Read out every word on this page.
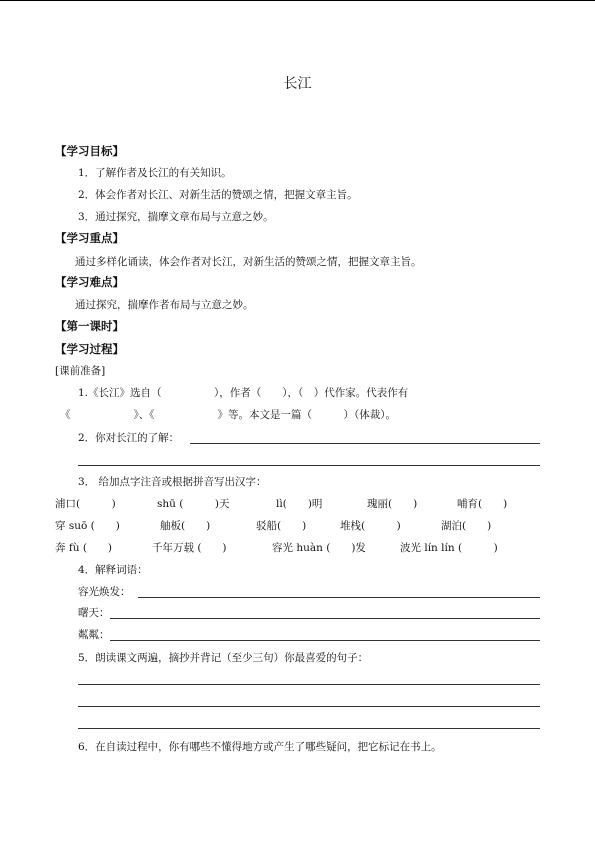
长江
【学习目标】
1．了解作者及长江的有关知识。
2．体会作者对长江、对新生活的赞颂之情，把握文章主旨。
3．通过探究，揣摩文章布局与立意之妙。
【学习重点】
通过多样化诵读，体会作者对长江，对新生活的赞颂之情，把握文章主旨。
【学习难点】
通过探究，揣摩作者布局与立意之妙。
【第一课时】
【学习过程】
[课前准备]
1.《长江》选自（　　　　　），作者（　　），（　）代作家。代表作有
《　　　　　　》、《　　　　　　》等。本文是一篇（　　　）（体裁）。
2．你对长江的了解：
3． 给加点字注音或根据拼音写出汉字：
浦口(　　　)	shū (　　　)天	lì(　　)明	瑰丽(　　)	哺育(　　)
穿 suō (　　)	舳板(　　)	驳船(　　)	堆栈(　　　)	湖泊(　　)
奔 fù (　　)	千年万载 (　　)	容光 huàn (　　)发	波光 lín lín (　　　)
4．解释词语：
容光焕发：
曙天：
粼粼：
5．朗读课文两遍，摘抄并背记（至少三句）你最喜爱的句子：
6．在自读过程中，你有哪些不懂得地方或产生了哪些疑问，把它标记在书上。
